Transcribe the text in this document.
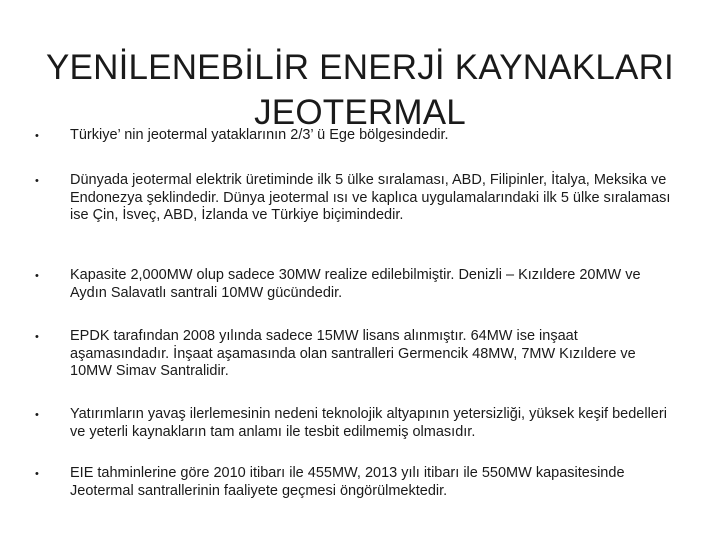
YENİLENEBİLİR ENERJİ KAYNAKLARI
JEOTERMAL
• Türkiye’ nin jeotermal yataklarının 2/3’ ü Ege bölgesindedir.
• Dünyada jeotermal elektrik üretiminde ilk 5 ülke sıralaması, ABD, Filipinler, İtalya, Meksika ve Endonezya şeklindedir. Dünya jeotermal ısı ve kaplıca uygulamalarındaki ilk 5 ülke sıralaması ise Çin, İsveç, ABD, İzlanda ve Türkiye biçimindedir.
• Kapasite 2,000MW olup sadece 30MW realize edilebilmiştir. Denizli – Kızıldere 20MW ve Aydın Salavatlı santrali 10MW gücündedir.
• EPDK tarafından 2008 yılında sadece 15MW lisans alınmıştır. 64MW ise inşaat aşamasındadır. İnşaat aşamasında olan santralleri Germencik 48MW, 7MW Kızıldere ve 10MW Simav Santralidir.
• Yatırımların yavaş ilerlemesinin nedeni teknolojik altyapının yetersizliği, yüksek keşif bedelleri ve yeterli kaynakların tam anlamı ile tesbit edilmemiş olmasıdır.
• EIE tahminlerine göre 2010 itibarı ile 455MW, 2013 yılı itibarı ile 550MW kapasitesinde Jeotermal santrallerinin faaliyete geçmesi öngörülmektedir.
